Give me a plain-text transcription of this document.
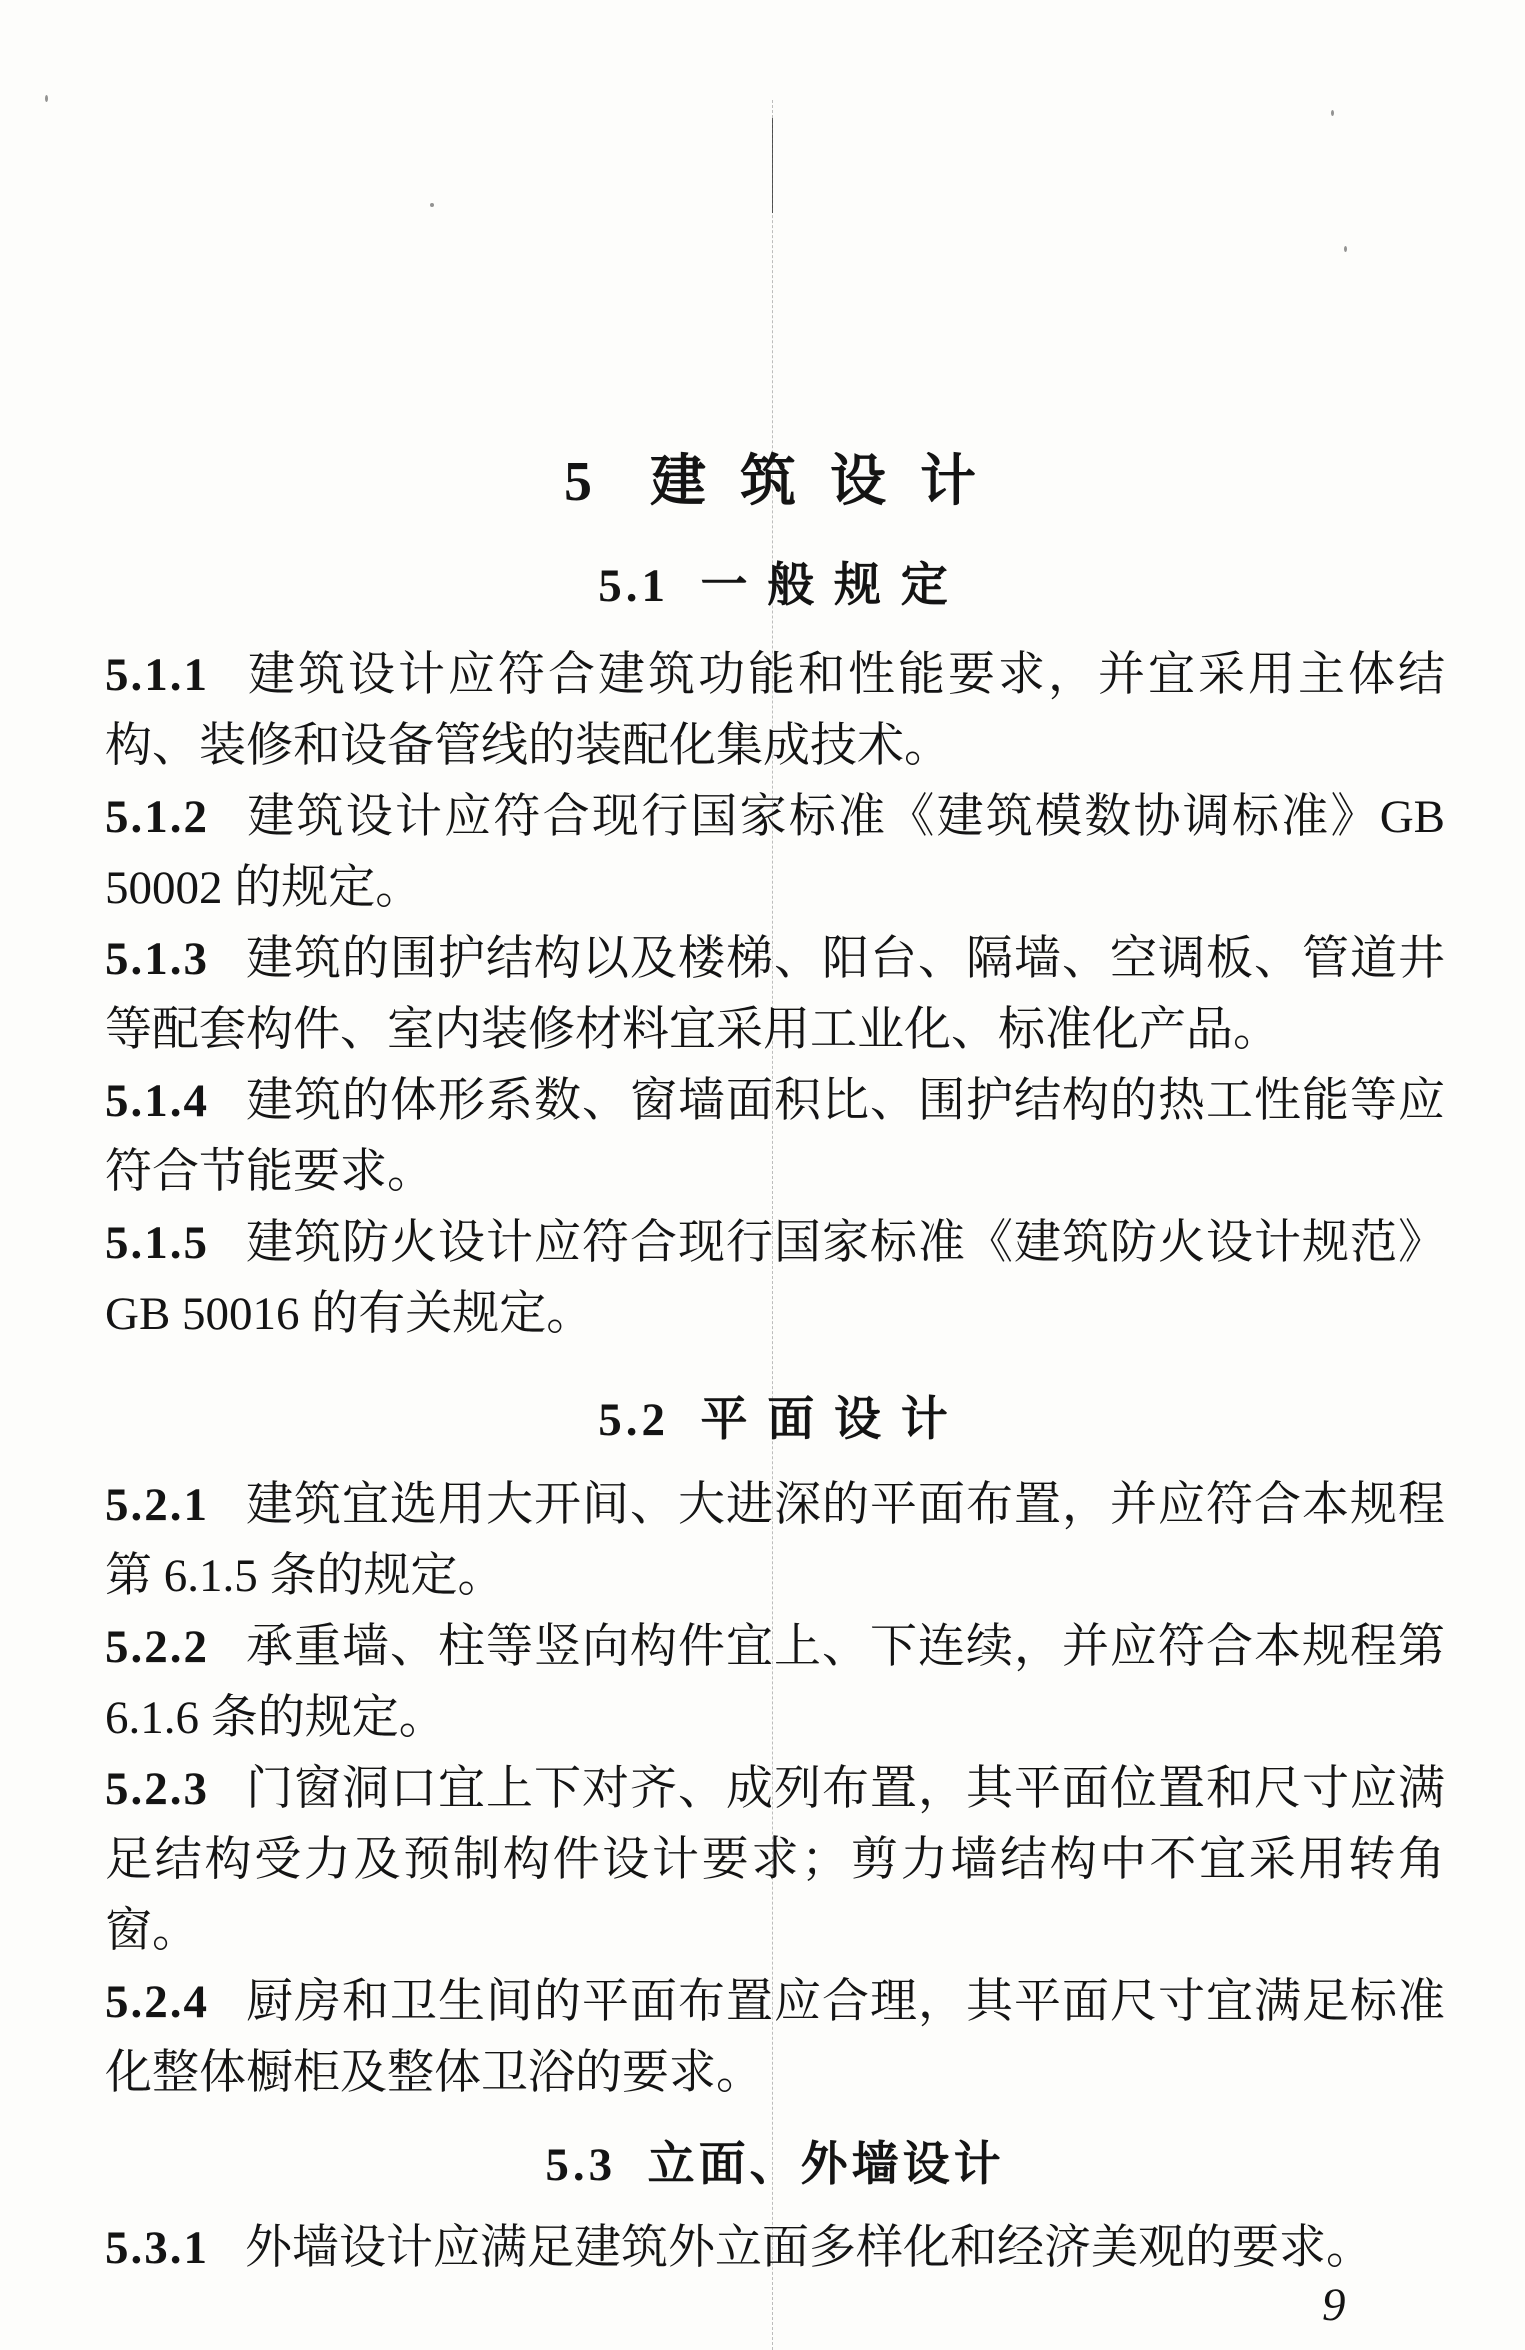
5  建 筑 设 计
5.1  一 般 规 定

5.1.1 建筑设计应符合建筑功能和性能要求，并宜采用主体结构、装修和设备管线的装配化集成技术。

5.1.2 建筑设计应符合现行国家标准《建筑模数协调标准》GB 50002 的规定。

5.1.3 建筑的围护结构以及楼梯、阳台、隔墙、空调板、管道井等配套构件、室内装修材料宜采用工业化、标准化产品。

5.1.4 建筑的体形系数、窗墙面积比、围护结构的热工性能等应符合节能要求。

5.1.5 建筑防火设计应符合现行国家标准《建筑防火设计规范》GB 50016 的有关规定。

5.2  平 面 设 计

5.2.1 建筑宜选用大开间、大进深的平面布置，并应符合本规程第 6.1.5 条的规定。

5.2.2 承重墙、柱等竖向构件宜上、下连续，并应符合本规程第 6.1.6 条的规定。

5.2.3 门窗洞口宜上下对齐、成列布置，其平面位置和尺寸应满足结构受力及预制构件设计要求；剪力墙结构中不宜采用转角窗。

5.2.4 厨房和卫生间的平面布置应合理，其平面尺寸宜满足标准化整体橱柜及整体卫浴的要求。

5.3  立面、外墙设计

5.3.1 外墙设计应满足建筑外立面多样化和经济美观的要求。

9
